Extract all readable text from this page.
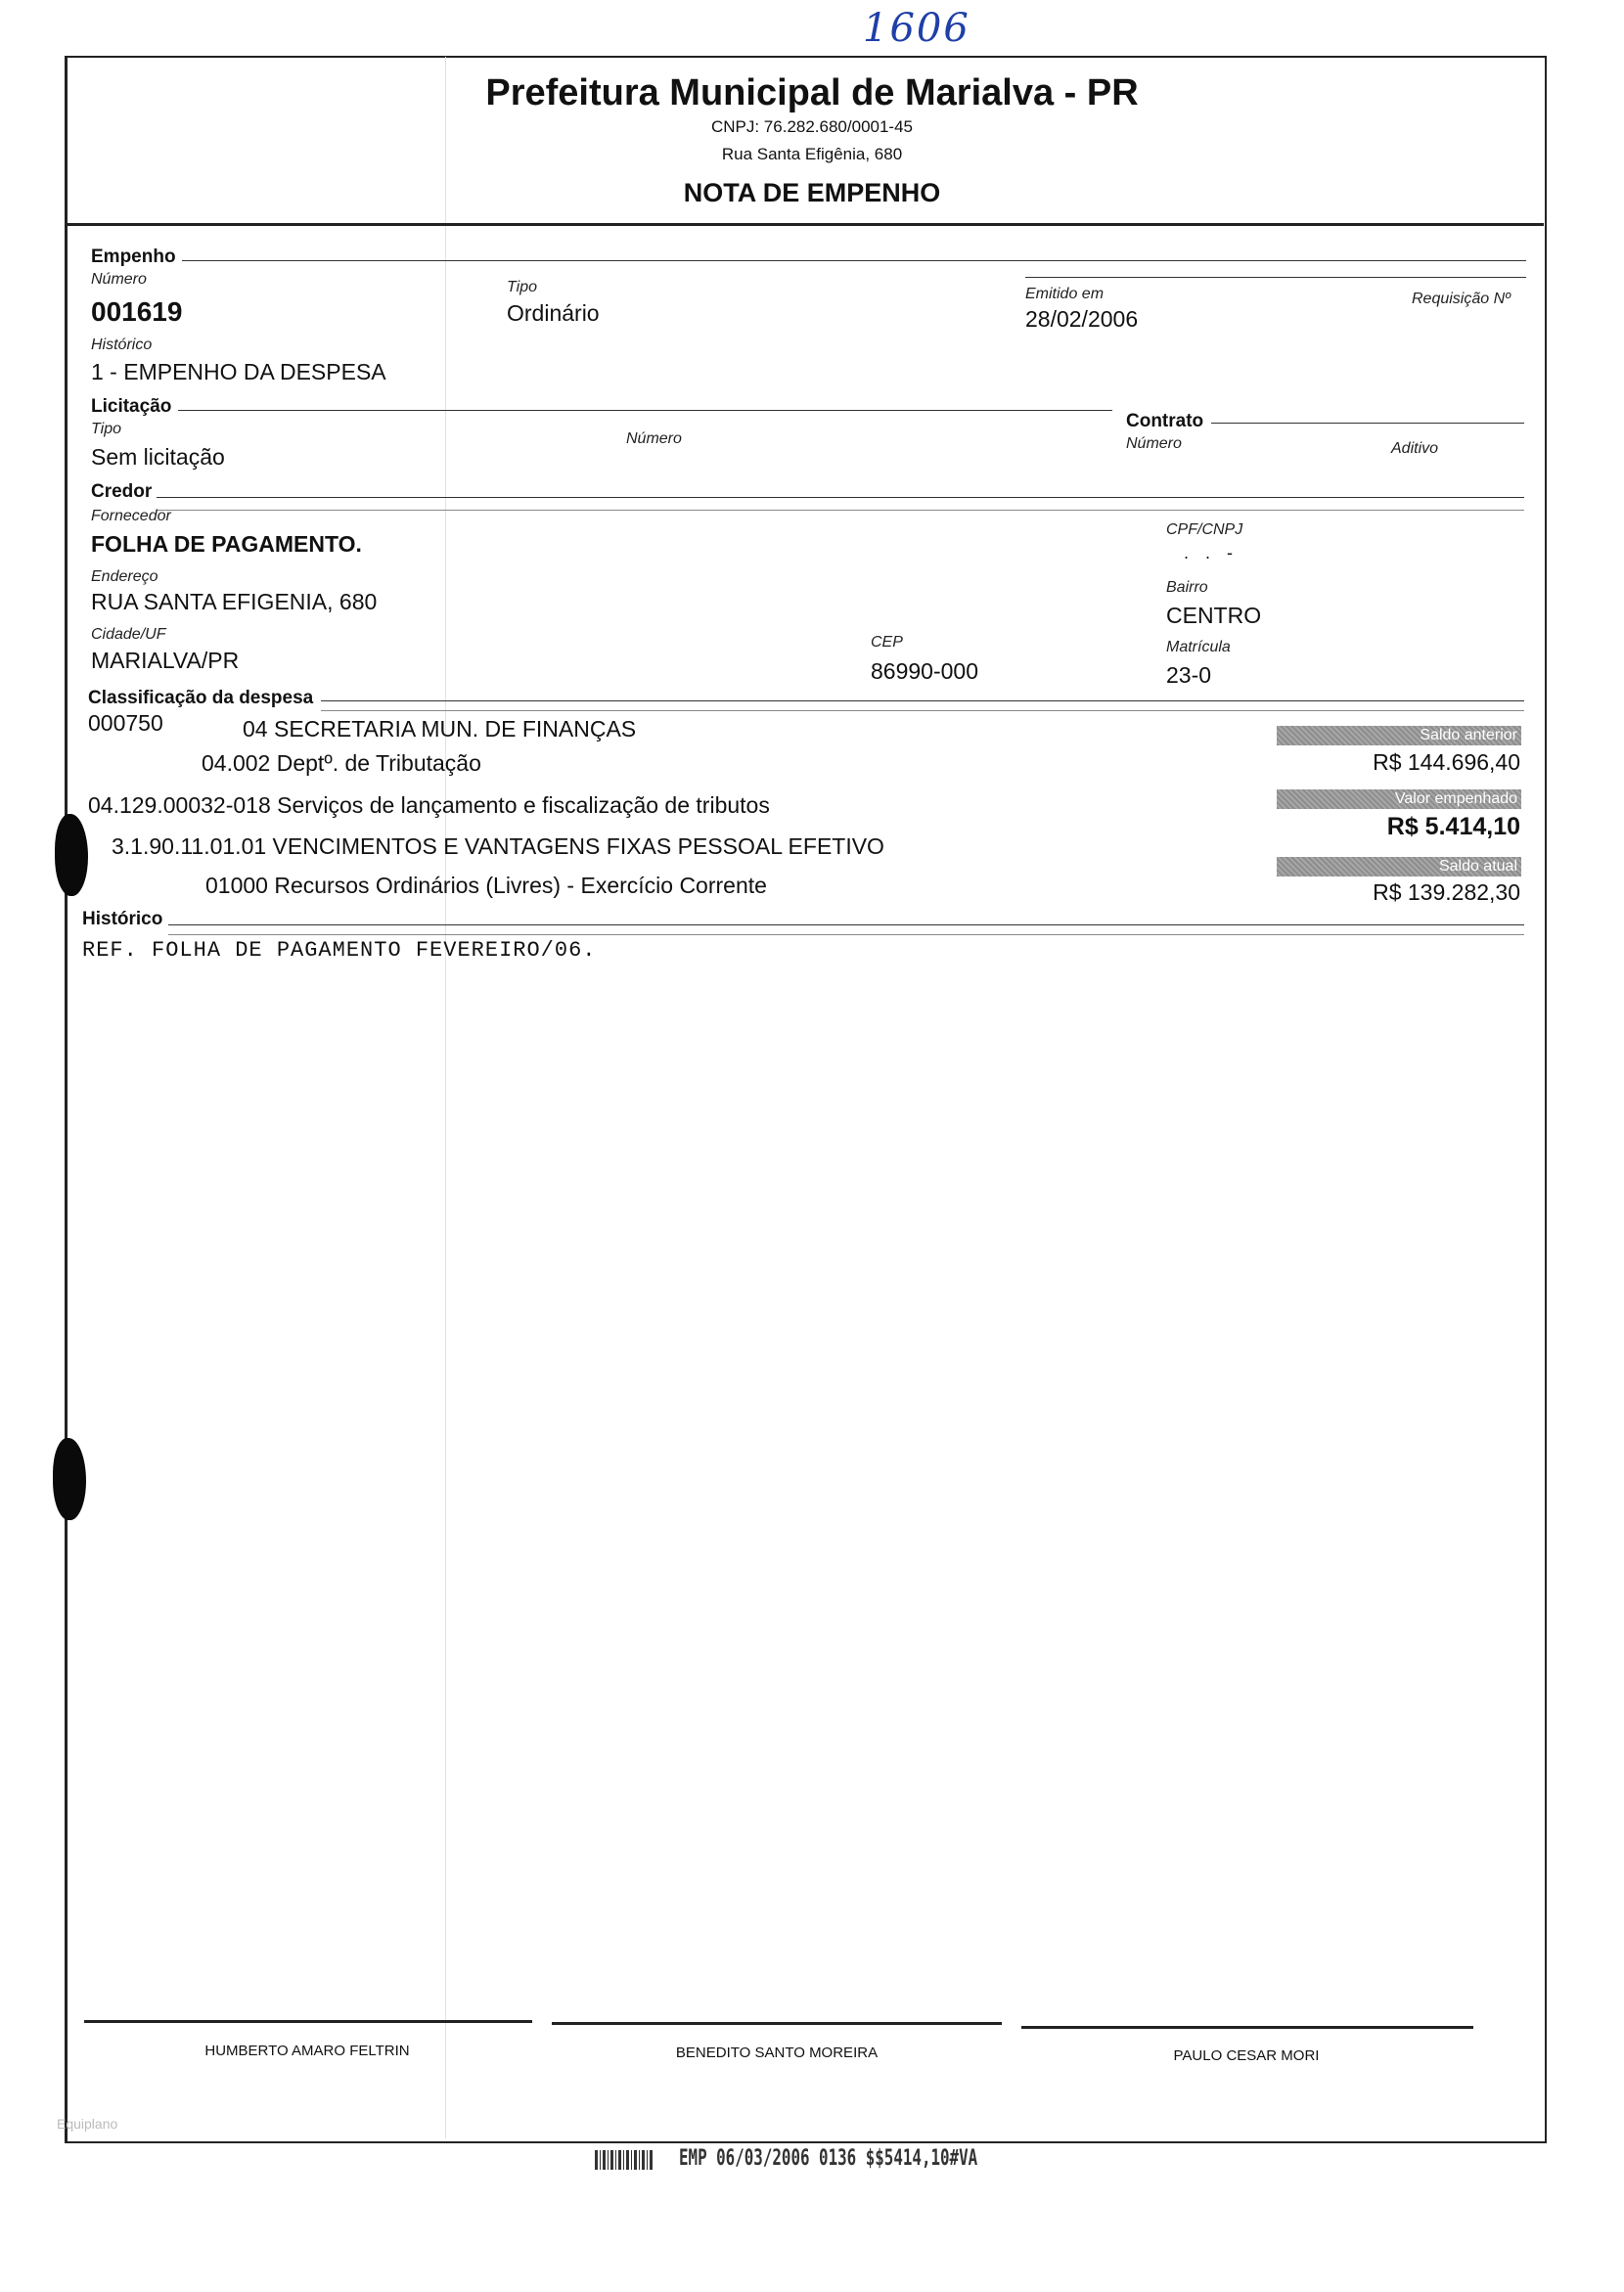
1606
Prefeitura Municipal de Marialva - PR
CNPJ: 76.282.680/0001-45
Rua Santa Efigênia, 680
NOTA DE EMPENHO
Empenho
Número
001619
Tipo
Ordinário
Emitido em
28/02/2006
Requisição Nº
Histórico
1 - EMPENHO DA DESPESA
Licitação
Tipo
Sem licitação
Número
Contrato
Número	Aditivo
Credor
Fornecedor
FOLHA DE PAGAMENTO.
CPF/CNPJ
. . -
Endereço
RUA SANTA EFIGENIA, 680
Bairro
CENTRO
Cidade/UF
MARIALVA/PR
CEP
86990-000
Matrícula
23-0
Classificação da despesa
000750	04 SECRETARIA MUN. DE FINANÇAS
04.002 Deptº. de Tributação
04.129.00032-018 Serviços de lançamento e fiscalização de tributos
3.1.90.11.01.01 VENCIMENTOS E VANTAGENS FIXAS PESSOAL EFETIVO
01000 Recursos Ordinários (Livres) - Exercício Corrente
Saldo anterior
R$ 144.696,40
Valor empenhado
R$ 5.414,10
Saldo atual
R$ 139.282,30
Histórico
REF. FOLHA DE PAGAMENTO FEVEREIRO/06.
HUMBERTO AMARO FELTRIN	BENEDITO SANTO MOREIRA	PAULO CESAR MORI
Equiplano
EMP 06/03/2006 0136 $$5414,10#VA
